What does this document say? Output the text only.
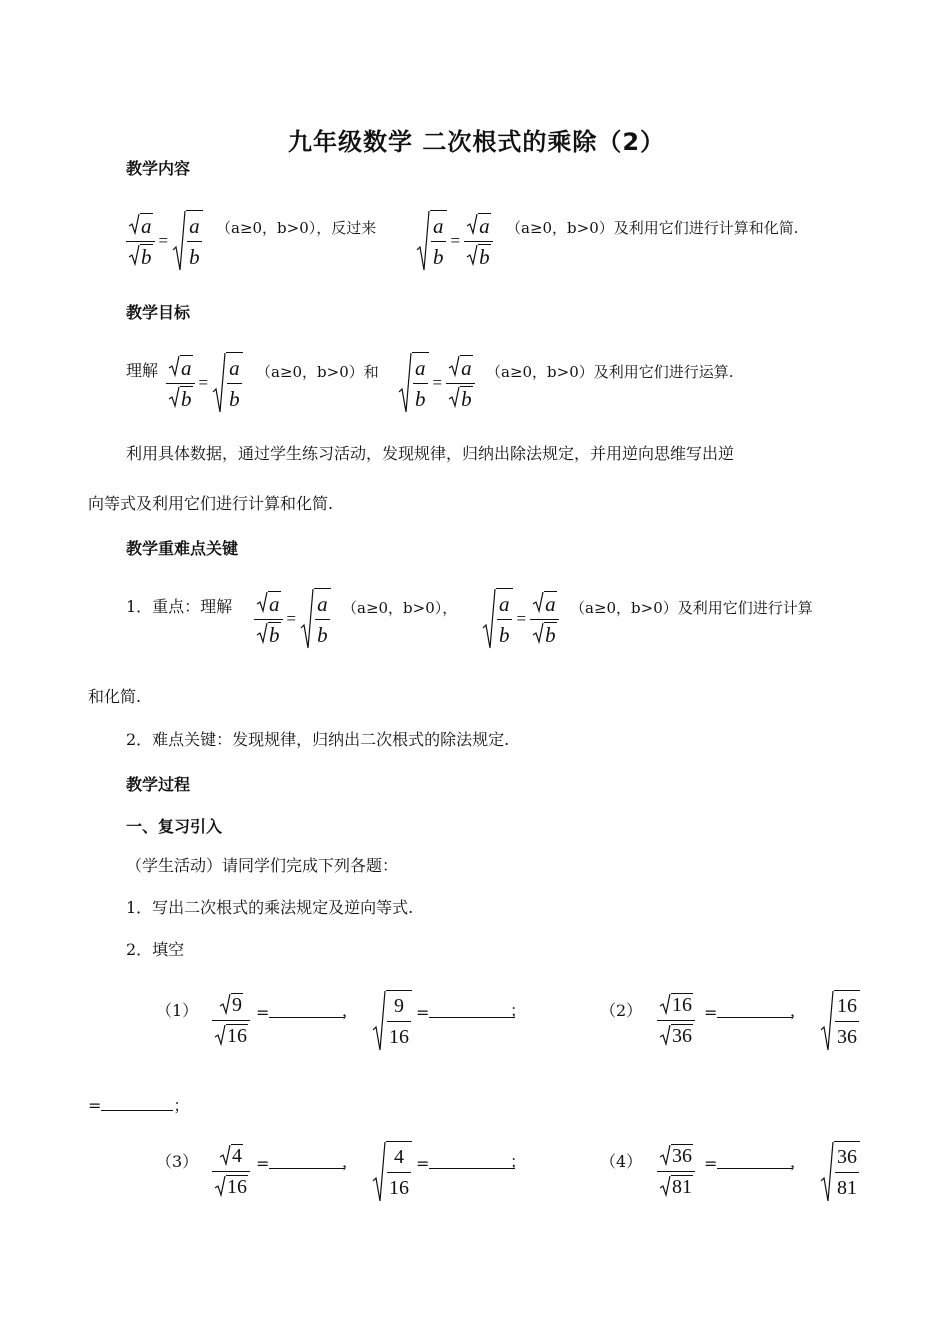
九年级数学 二次根式的乘除（2）
教学内容
$\frac{a}{b} = \frac{a}{b} (a\ge 0$，b>0），反过来	$\frac{a}{b} = \frac{a}{b} (a\ge 0$，b>0）及利用它们进行计算和化简.
教学目标
理解 $\frac{a}{b} = \frac{a}{b} (a\ge 0$，b>0）和 $\frac{a}{b} = \frac{a}{b} (a\ge 0$，b>0）及利用它们进行运算.
利用具体数据，通过学生练习活动，发现规律，归纳出除法规定，并用逆向思维写出逆
向等式及利用它们进行计算和化简.
教学重难点关键
1．重点：理解 $\frac{a}{b} = \frac{a}{b} (a\ge 0$，b>0）， $\frac{a}{b} = \frac{a}{b} (a\ge 0$，b>0）及利用它们进行计算
和化简.
2．难点关键：发现规律，归纳出二次根式的除法规定.
教学过程
一、复习引入
（学生活动）请同学们完成下列各题：
1．写出二次根式的乘法规定及逆向等式.
2．填空
$(1) \frac{9}{16}$ =	， $\frac{9}{16}$ =	；	$(2) \frac{16}{36}$ =	， $\frac{16}{36}$
=	；
$(3) \frac{4}{16}$ =	， $\frac{4}{16}$ =	；	$(4) \frac{36}{81}$ =	， $\frac{36}{81}$
